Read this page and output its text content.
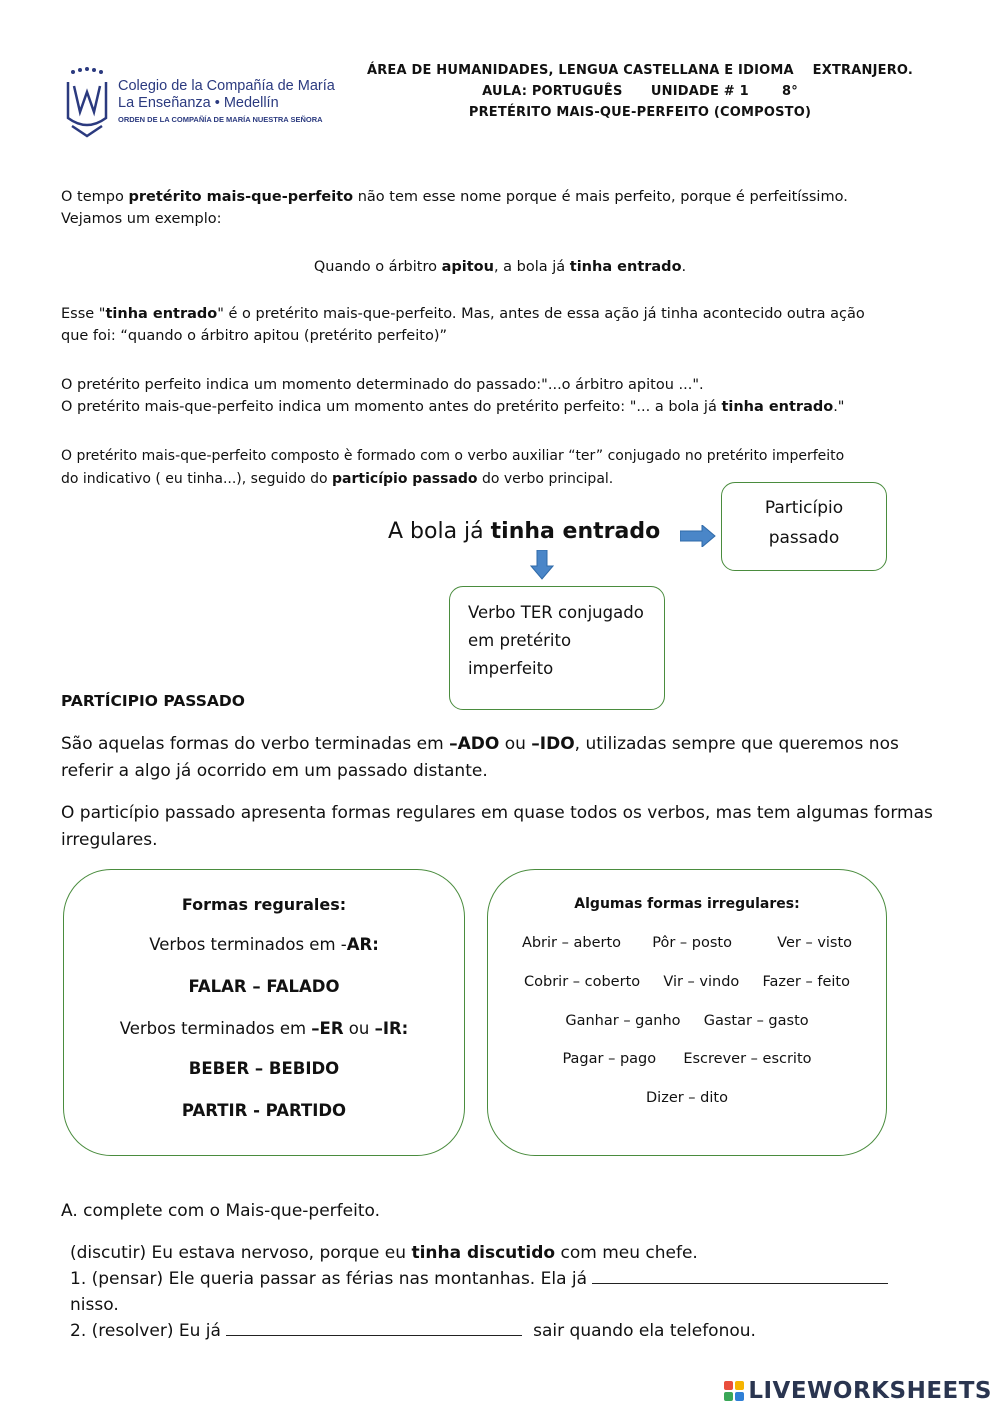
Colegio de la Compañía de María
La Enseñanza • Medellín
ORDEN DE LA COMPAÑÍA DE MARÍA NUESTRA SEÑORA
ÁREA DE HUMANIDADES, LENGUA CASTELLANA E IDIOMA    EXTRANJERO.
AULA: PORTUGUÊS      UNIDADE # 1       8°
PRETÉRITO MAIS-QUE-PERFEITO (COMPOSTO)
O tempo pretérito mais-que-perfeito não tem esse nome porque é mais perfeito, porque é perfeitíssimo.
Vejamos um exemplo:
Quando o árbitro apitou, a bola já tinha entrado.
Esse "tinha entrado" é o pretérito mais-que-perfeito. Mas, antes de essa ação já tinha acontecido outra ação
que foi: “quando o árbitro apitou (pretérito perfeito)”
O pretérito perfeito indica um momento determinado do passado:"...o árbitro apitou ...".
O pretérito mais-que-perfeito indica um momento antes do pretérito perfeito: "... a bola já tinha entrado."
O pretérito mais-que-perfeito composto è formado com o verbo auxiliar “ter” conjugado no pretérito imperfeito
do indicativo ( eu tinha...), seguido do particípio passado do verbo principal.
A bola já tinha entrado
Particípio passado
Verbo TER conjugado em pretérito imperfeito
PARTÍCIPIO PASSADO
São aquelas formas do verbo terminadas em –ADO ou –IDO, utilizadas sempre que queremos nos
referir a algo já ocorrido em um passado distante.
O particípio passado apresenta formas regulares em quase todos os verbos, mas tem algumas formas
irregulares.
Formas regurales:
Verbos terminados em -AR:
FALAR – FALADO
Verbos terminados em –ER ou –IR:
BEBER – BEBIDO
PARTIR - PARTIDO
Algumas formas irregulares:
Abrir – aberto Pôr – posto	Ver – visto
Cobrir – coberto Vir – vindo Fazer – feito
Ganhar – ganho Gastar – gasto
Pagar – pago Escrever – escrito
Dizer – dito
A. complete com o Mais-que-perfeito.
(discutir) Eu estava nervoso, porque eu tinha discutido com meu chefe.
1. (pensar) Ele queria passar as férias nas montanhas. Ela já
nisso.
2. (resolver) Eu já	sair quando ela telefonou.
LIVEWORKSHEETS
